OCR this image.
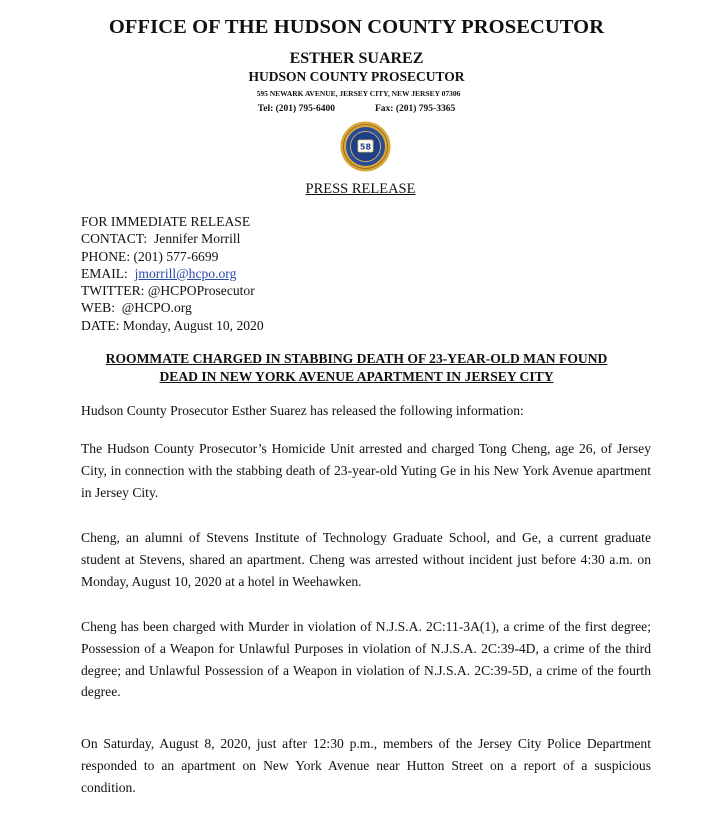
OFFICE OF THE HUDSON COUNTY PROSECUTOR
ESTHER SUAREZ
HUDSON COUNTY PROSECUTOR
595 NEWARK AVENUE, JERSEY CITY, NEW JERSEY 07306
Tel: (201) 795-6400	Fax: (201) 795-3365
58
PRESS RELEASE
FOR IMMEDIATE RELEASE
CONTACT: Jennifer Morrill
PHONE: (201) 577-6699
EMAIL: jmorrill@hcpo.org
TWITTER: @HCPOProsecutor
WEB: @HCPO.org
DATE: Monday, August 10, 2020
ROOMMATE CHARGED IN STABBING DEATH OF 23-YEAR-OLD MAN FOUND
DEAD IN NEW YORK AVENUE APARTMENT IN JERSEY CITY

Hudson County Prosecutor Esther Suarez has released the following information:

The Hudson County Prosecutor’s Homicide Unit arrested and charged Tong Cheng, age 26, of Jersey City, in connection with the stabbing death of 23-year-old Yuting Ge in his New York Avenue apartment in Jersey City.

Cheng, an alumni of Stevens Institute of Technology Graduate School, and Ge, a current graduate student at Stevens, shared an apartment. Cheng was arrested without incident just before 4:30 a.m. on Monday, August 10, 2020 at a hotel in Weehawken.

Cheng has been charged with Murder in violation of N.J.S.A. 2C:11-3A(1), a crime of the first degree; Possession of a Weapon for Unlawful Purposes in violation of N.J.S.A. 2C:39-4D, a crime of the third degree; and Unlawful Possession of a Weapon in violation of N.J.S.A. 2C:39-5D, a crime of the fourth degree.

On Saturday, August 8, 2020, just after 12:30 p.m., members of the Jersey City Police Department responded to an apartment on New York Avenue near Hutton Street on a report of a suspicious condition.
